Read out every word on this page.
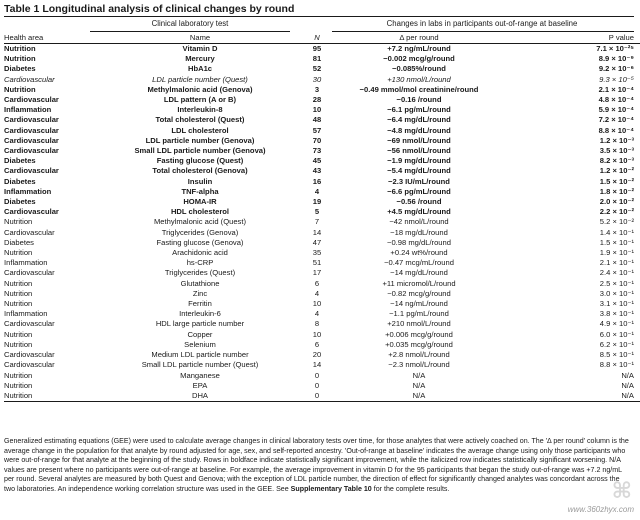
Table 1 Longitudinal analysis of clinical changes by round
Clinical laboratory test	Changes in labs in participants out-of-range at baseline
Health area	Name	N	Δ per round	P value
Nutrition	Vitamin D	95	+7.2 ng/mL/round	7.1 × 10⁻²⁵
Nutrition	Mercury	81	−0.002 mcg/g/round	8.9 × 10⁻⁹
Diabetes	HbA1c	52	−0.085%/round	9.2 × 10⁻⁶
Cardiovascular	LDL particle number (Quest)	30	+130 nmol/L/round	9.3 × 10⁻⁵
Nutrition	Methylmalonic acid (Genova)	3	−0.49 mmol/mol creatinine/round	2.1 × 10⁻⁴
Cardiovascular	LDL pattern (A or B)	28	−0.16 /round	4.8 × 10⁻⁴
Inflammation	Interleukin-8	10	−6.1 pg/mL/round	5.9 × 10⁻⁴
Cardiovascular	Total cholesterol (Quest)	48	−6.4 mg/dL/round	7.2 × 10⁻⁴
Cardiovascular	LDL cholesterol	57	−4.8 mg/dL/round	8.8 × 10⁻⁴
Cardiovascular	LDL particle number (Genova)	70	−69 nmol/L/round	1.2 × 10⁻³
Cardiovascular	Small LDL particle number (Genova)	73	−56 nmol/L/round	3.5 × 10⁻³
Diabetes	Fasting glucose (Quest)	45	−1.9 mg/dL/round	8.2 × 10⁻³
Cardiovascular	Total cholesterol (Genova)	43	−5.4 mg/dL/round	1.2 × 10⁻²
Diabetes	Insulin	16	−2.3 IU/mL/round	1.5 × 10⁻²
Inflammation	TNF-alpha	4	−6.6 pg/mL/round	1.8 × 10⁻²
Diabetes	HOMA-IR	19	−0.56 /round	2.0 × 10⁻²
Cardiovascular	HDL cholesterol	5	+4.5 mg/dL/round	2.2 × 10⁻²
Nutrition	Methylmalonic acid (Quest)	7	−42 nmol/L/round	5.2 × 10⁻²
Cardiovascular	Triglycerides (Genova)	14	−18 mg/dL/round	1.4 × 10⁻¹
Diabetes	Fasting glucose (Genova)	47	−0.98 mg/dL/round	1.5 × 10⁻¹
Nutrition	Arachidonic acid	35	+0.24 wt%/round	1.9 × 10⁻¹
Inflammation	hs-CRP	51	−0.47 mcg/mL/round	2.1 × 10⁻¹
Cardiovascular	Triglycerides (Quest)	17	−14 mg/dL/round	2.4 × 10⁻¹
Nutrition	Glutathione	6	+11 micromol/L/round	2.5 × 10⁻¹
Nutrition	Zinc	4	−0.82 mcg/g/round	3.0 × 10⁻¹
Nutrition	Ferritin	10	−14 ng/mL/round	3.1 × 10⁻¹
Inflammation	Interleukin-6	4	−1.1 pg/mL/round	3.8 × 10⁻¹
Cardiovascular	HDL large particle number	8	+210 nmol/L/round	4.9 × 10⁻¹
Nutrition	Copper	10	+0.006 mcg/g/round	6.0 × 10⁻¹
Nutrition	Selenium	6	+0.035 mcg/g/round	6.2 × 10⁻¹
Cardiovascular	Medium LDL particle number	20	+2.8 nmol/L/round	8.5 × 10⁻¹
Cardiovascular	Small LDL particle number (Quest)	14	−2.3 nmol/L/round	8.8 × 10⁻¹
Nutrition	Manganese	0	N/A	N/A
Nutrition	EPA	0	N/A	N/A
Nutrition	DHA	0	N/A	N/A
Generalized estimating equations (GEE) were used to calculate average changes in clinical laboratory tests over time, for those analytes that were actively coached on. The 'Δ per round' column is the average change in the population for that analyte by round adjusted for age, sex, and self-reported ancestry. 'Out-of-range at baseline' indicates the average change using only those participants who were out-of-range for that analyte at the beginning of the study. Rows in boldface indicate statistically significant improvement, while the italicized row indicates statistically significant worsening. N/A values are present where no participants were out-of-range at baseline. For example, the average improvement in vitamin D for the 95 participants that began the study out-of-range was +7.2 ng/mL per round. Several analytes are measured by both Quest and Genova; with the exception of LDL particle number, the direction of effect for significantly changed analytes was concordant across the two laboratories. An independence working correlation structure was used in the GEE. See Supplementary Table 10 for the complete results.	⌘
www.360zhyx.com
